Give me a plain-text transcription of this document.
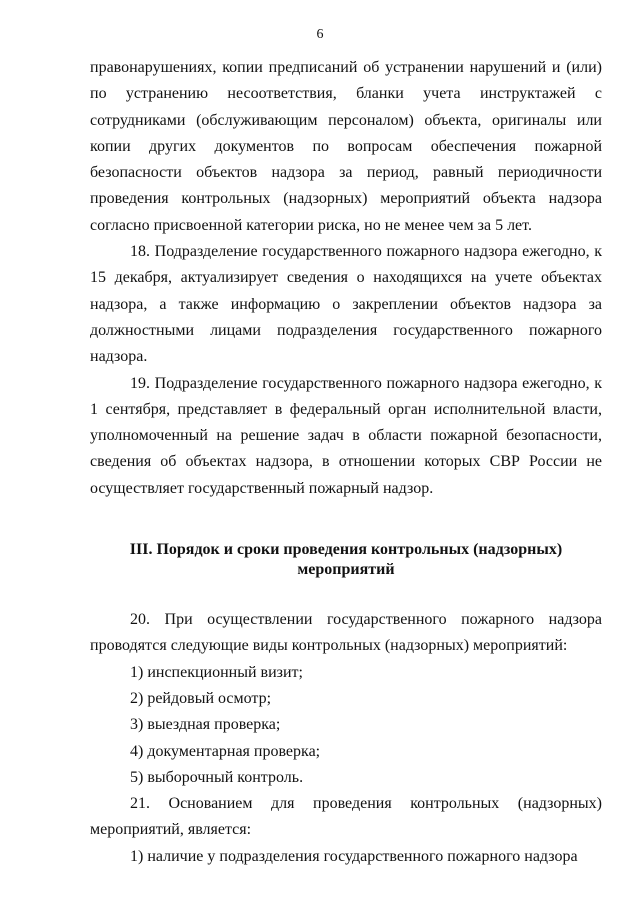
6

правонарушениях, копии предписаний об устранении нарушений и (или) по устранению несоответствия, бланки учета инструктажей с сотрудниками (обслуживающим персоналом) объекта, оригиналы или копии других документов по вопросам обеспечения пожарной безопасности объектов надзора за период, равный периодичности проведения контрольных (надзорных) мероприятий объекта надзора согласно присвоенной категории риска, но не менее чем за 5 лет.

18. Подразделение государственного пожарного надзора ежегодно, к 15 декабря, актуализирует сведения о находящихся на учете объектах надзора, а также информацию о закреплении объектов надзора за должностными лицами подразделения государственного пожарного надзора.

19. Подразделение государственного пожарного надзора ежегодно, к 1 сентября, представляет в федеральный орган исполнительной власти, уполномоченный на решение задач в области пожарной безопасности, сведения об объектах надзора, в отношении которых СВР России не осуществляет государственный пожарный надзор.

III. Порядок и сроки проведения контрольных (надзорных) мероприятий

20. При осуществлении государственного пожарного надзора проводятся следующие виды контрольных (надзорных) мероприятий:

1) инспекционный визит;

2) рейдовый осмотр;

3) выездная проверка;

4) документарная проверка;

5) выборочный контроль.

21. Основанием для проведения контрольных (надзорных) мероприятий, является:

1) наличие у подразделения государственного пожарного надзора
